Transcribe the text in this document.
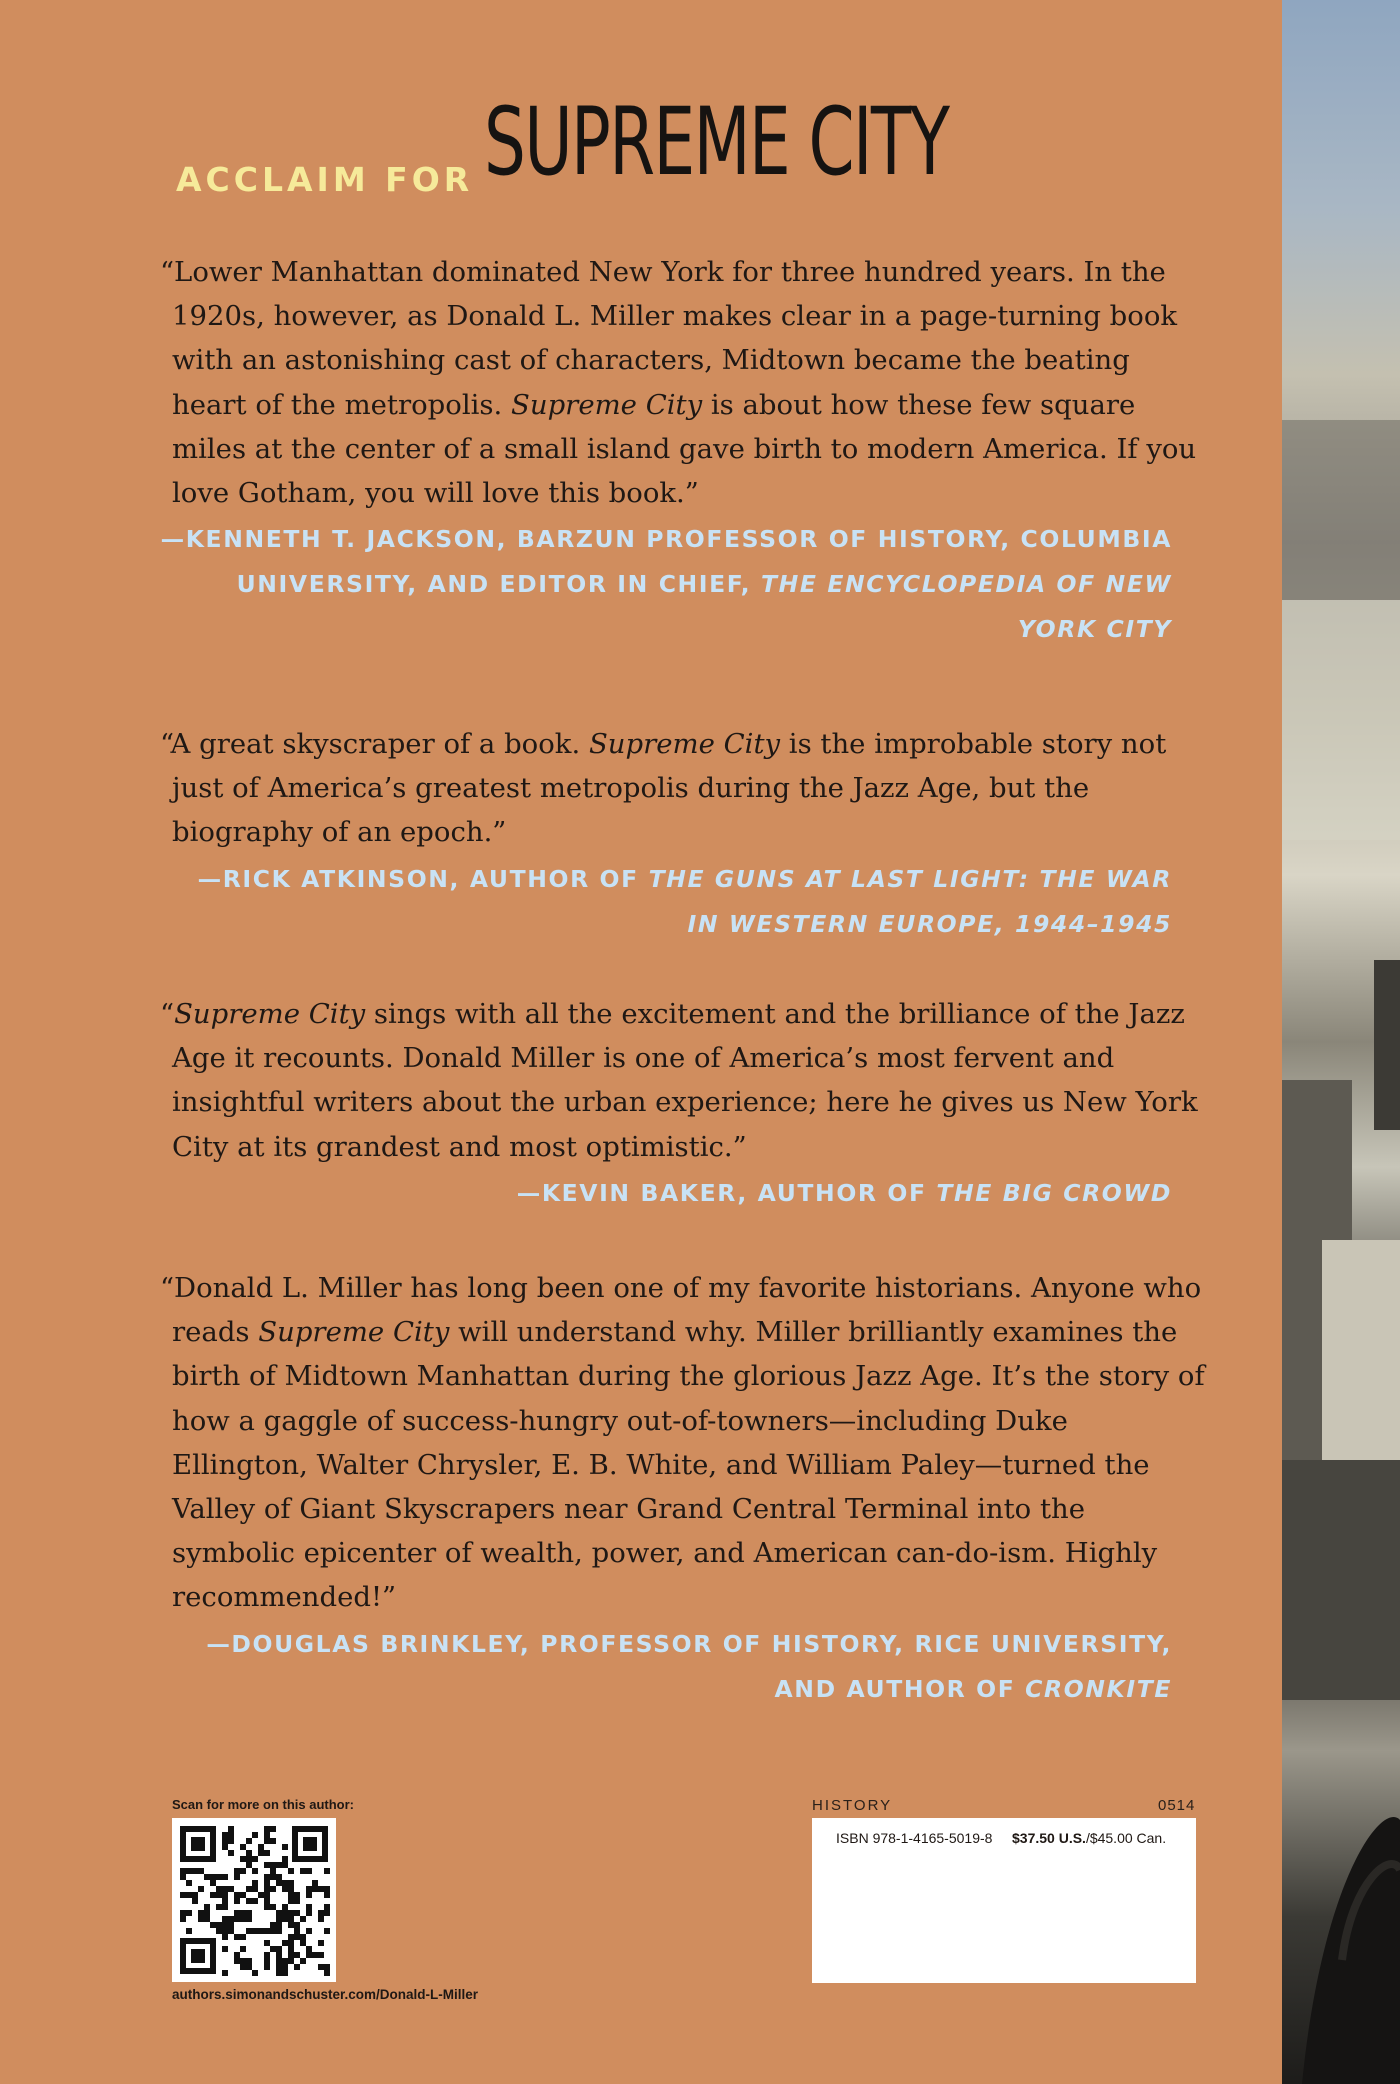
ACCLAIM FOR SUPREME CITY

“Lower Manhattan dominated New York for three hundred years. In the 1920s, however, as Donald L. Miller makes clear in a page-turning book with an astonishing cast of characters, Midtown became the beating heart of the metropolis. Supreme City is about how these few square miles at the center of a small island gave birth to modern America. If you love Gotham, you will love this book.”

—KENNETH T. JACKSON, BARZUN PROFESSOR OF HISTORY, COLUMBIA UNIVERSITY, AND EDITOR IN CHIEF, THE ENCYCLOPEDIA OF NEW YORK CITY

“A great skyscraper of a book. Supreme City is the improbable story not just of America’s greatest metropolis during the Jazz Age, but the biography of an epoch.”

—RICK ATKINSON, AUTHOR OF THE GUNS AT LAST LIGHT: THE WAR IN WESTERN EUROPE, 1944–1945

“Supreme City sings with all the excitement and the brilliance of the Jazz Age it recounts. Donald Miller is one of America’s most fervent and insightful writers about the urban experience; here he gives us New York City at its grandest and most optimistic.”

—KEVIN BAKER, AUTHOR OF THE BIG CROWD

“Donald L. Miller has long been one of my favorite historians. Anyone who reads Supreme City will understand why. Miller brilliantly examines the birth of Midtown Manhattan during the glorious Jazz Age. It’s the story of how a gaggle of success-hungry out-of-towners—including Duke Ellington, Walter Chrysler, E. B. White, and William Paley—turned the Valley of Giant Skyscrapers near Grand Central Terminal into the symbolic epicenter of wealth, power, and American can-do-ism. Highly recommended!”

—DOUGLAS BRINKLEY, PROFESSOR OF HISTORY, RICE UNIVERSITY, AND AUTHOR OF CRONKITE

Scan for more on this author:
authors.simonandschuster.com/Donald-L-Miller
HISTORY	0514
ISBN 978-1-4165-5019-8 $37.50 U.S./$45.00 Can.
